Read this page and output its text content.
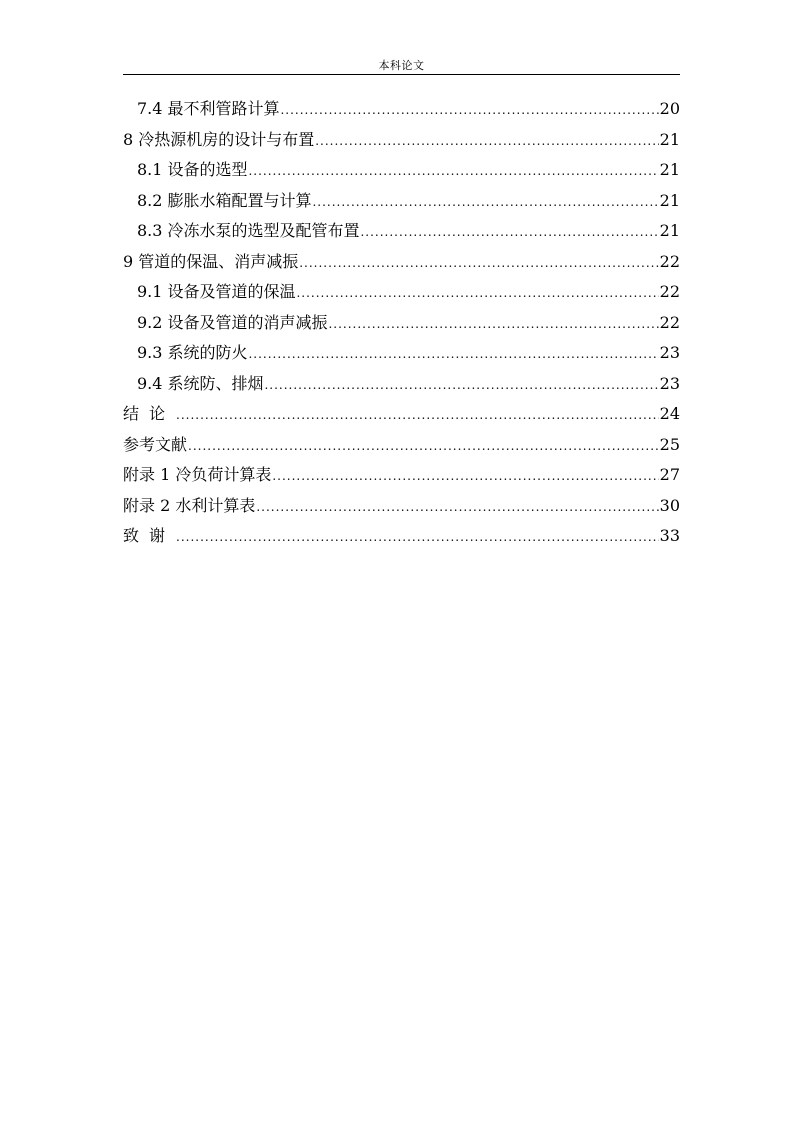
本科论文
7.4 最不利管路计算 .....	20
8 冷热源机房的设计与布置 .....	21
8.1 设备的选型 .....	21
8.2 膨胀水箱配置与计算 .....	21
8.3 冷冻水泵的选型及配管布置 .....	21
9 管道的保温、消声减振 .....	22
9.1 设备及管道的保温 .....	22
9.2 设备及管道的消声减振 .....	22
9.3 系统的防火 .....	23
9.4 系统防、排烟 .....	23
结论 .....	24
参考文献 .....	25
附录 1 冷负荷计算表 .....	27
附录 2 水利计算表 .....	30
致谢 .....	33
